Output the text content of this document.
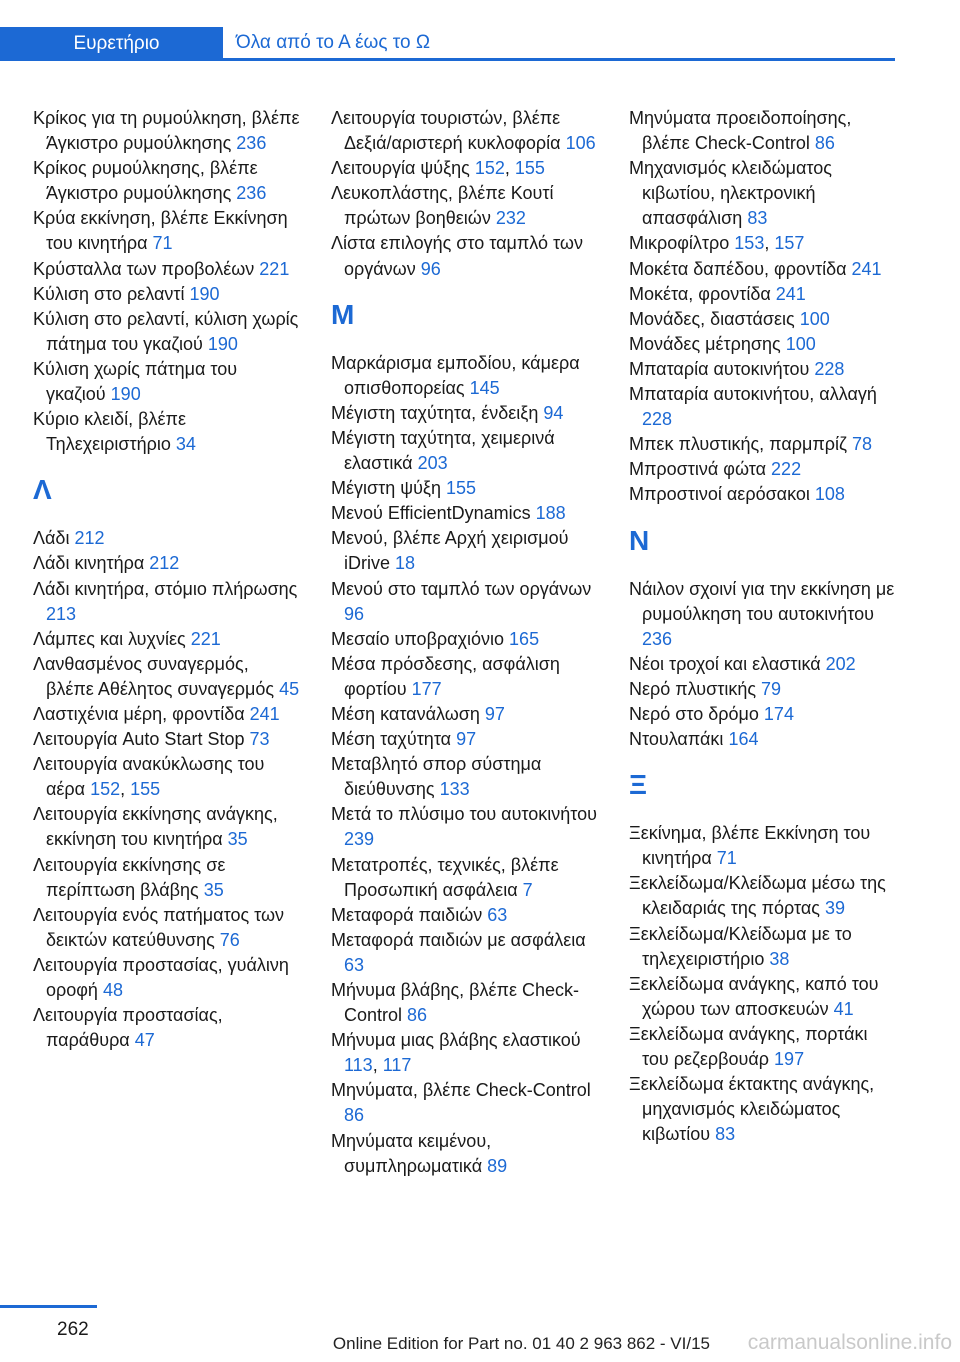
Ευρετήριο	Όλα από το Α έως το Ω
Κρίκος για τη ρυμούλκηση, βλέπε Άγκιστρο ρυμούλκησης 236
Κρίκος ρυμούλκησης, βλέπε Άγκιστρο ρυμούλκησης 236
Κρύα εκκίνηση, βλέπε Εκκίνηση του κινητήρα 71
Κρύσταλλα των προβολέων 221
Κύλιση στο ρελαντί 190
Κύλιση στο ρελαντί, κύλιση χωρίς πάτημα του γκαζιού 190
Κύλιση χωρίς πάτημα του γκαζιού 190
Κύριο κλειδί, βλέπε Τηλεχειριστήριο 34
Λ
Λάδι 212
Λάδι κινητήρα 212
Λάδι κινητήρα, στόμιο πλήρωσης 213
Λάμπες και λυχνίες 221
Λανθασμένος συναγερμός, βλέπε Αθέλητος συναγερμός 45
Λαστιχένια μέρη, φροντίδα 241
Λειτουργία Auto Start Stop 73
Λειτουργία ανακύκλωσης του αέρα 152, 155
Λειτουργία εκκίνησης ανάγκης, εκκίνηση του κινητήρα 35
Λειτουργία εκκίνησης σε περίπτωση βλάβης 35
Λειτουργία ενός πατήματος των δεικτών κατεύθυνσης 76
Λειτουργία προστασίας, γυάλινη οροφή 48
Λειτουργία προστασίας, παράθυρα 47
Λειτουργία τουριστών, βλέπε Δεξιά/αριστερή κυκλοφορία 106
Λειτουργία ψύξης 152, 155
Λευκοπλάστης, βλέπε Κουτί πρώτων βοηθειών 232
Λίστα επιλογής στο ταμπλό των οργάνων 96
Μ
Μαρκάρισμα εμποδίου, κάμερα οπισθοπορείας 145
Μέγιστη ταχύτητα, ένδειξη 94
Μέγιστη ταχύτητα, χειμερινά ελαστικά 203
Μέγιστη ψύξη 155
Μενού EfficientDynamics 188
Μενού, βλέπε Αρχή χειρισμού iDrive 18
Μενού στο ταμπλό των οργάνων 96
Μεσαίο υποβραχιόνιο 165
Μέσα πρόσδεσης, ασφάλιση φορτίου 177
Μέση κατανάλωση 97
Μέση ταχύτητα 97
Μεταβλητό σπορ σύστημα διεύθυνσης 133
Μετά το πλύσιμο του αυτοκινήτου 239
Μετατροπές, τεχνικές, βλέπε Προσωπική ασφάλεια 7
Μεταφορά παιδιών 63
Μεταφορά παιδιών με ασφάλεια 63
Μήνυμα βλάβης, βλέπε Check-Control 86
Μήνυμα μιας βλάβης ελαστικού 113, 117
Μηνύματα, βλέπε Check-Control 86
Μηνύματα κειμένου, συμπληρωματικά 89
Μηνύματα προειδοποίησης, βλέπε Check-Control 86
Μηχανισμός κλειδώματος κιβωτίου, ηλεκτρονική απασφάλιση 83
Μικροφίλτρο 153, 157
Μοκέτα δαπέδου, φροντίδα 241
Μοκέτα, φροντίδα 241
Μονάδες, διαστάσεις 100
Μονάδες μέτρησης 100
Μπαταρία αυτοκινήτου 228
Μπαταρία αυτοκινήτου, αλλαγή 228
Μπεκ πλυστικής, παρμπρίζ 78
Μπροστινά φώτα 222
Μπροστινοί αερόσακοι 108
Ν
Νάιλον σχοινί για την εκκίνηση με ρυμούλκηση του αυτοκινήτου 236
Νέοι τροχοί και ελαστικά 202
Νερό πλυστικής 79
Νερό στο δρόμο 174
Ντουλαπάκι 164
Ξ
Ξεκίνημα, βλέπε Εκκίνηση του κινητήρα 71
Ξεκλείδωμα/Κλείδωμα μέσω της κλειδαριάς της πόρτας 39
Ξεκλείδωμα/Κλείδωμα με το τηλεχειριστήριο 38
Ξεκλείδωμα ανάγκης, καπό του χώρου των αποσκευών 41
Ξεκλείδωμα ανάγκης, πορτάκι του ρεζερβουάρ 197
Ξεκλείδωμα έκτακτης ανάγκης, μηχανισμός κλειδώματος κιβωτίου 83
262
Online Edition for Part no. 01 40 2 963 862 - VI/15 carmanualsonline.info
